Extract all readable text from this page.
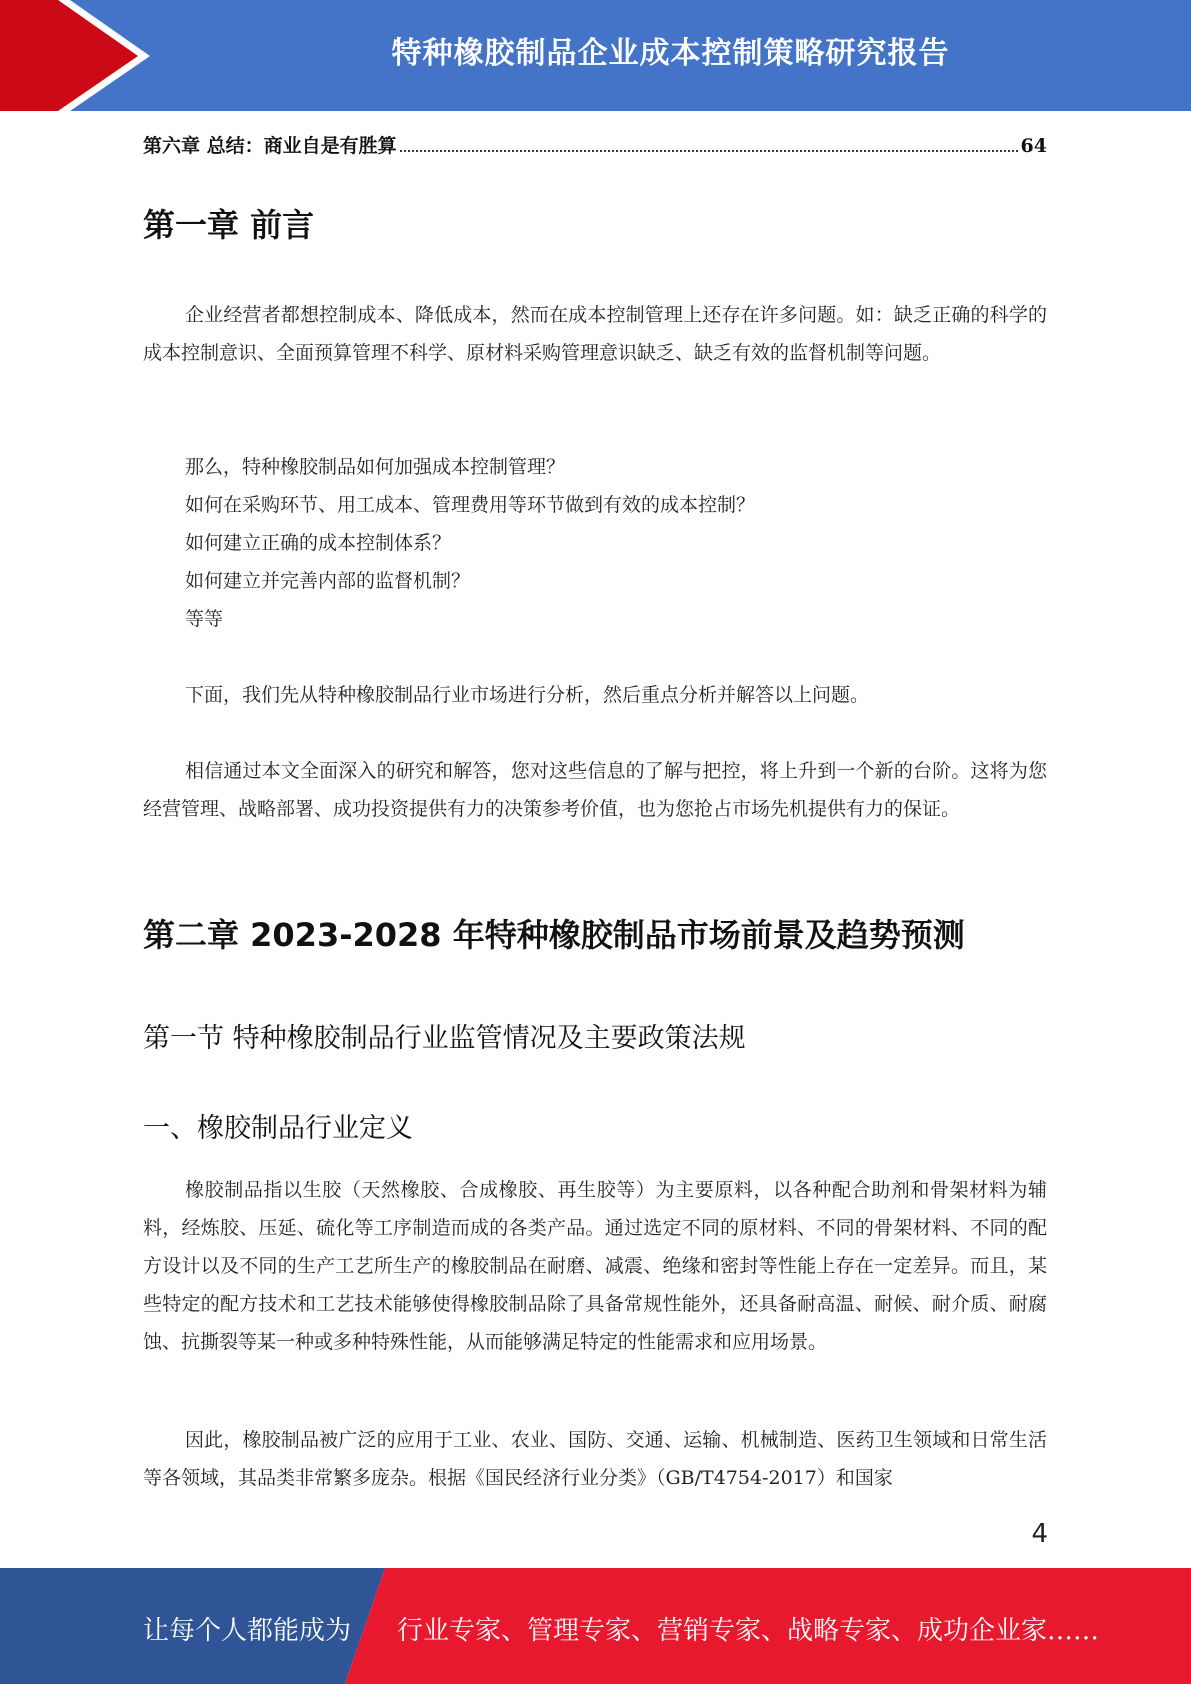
特种橡胶制品企业成本控制策略研究报告
第六章 总结：商业自是有胜算	64
第一章 前言

企业经营者都想控制成本、降低成本，然而在成本控制管理上还存在许多问题。如：缺乏正确的科学的成本控制意识、全面预算管理不科学、原材料采购管理意识缺乏、缺乏有效的监督机制等问题。

那么，特种橡胶制品如何加强成本控制管理？
如何在采购环节、用工成本、管理费用等环节做到有效的成本控制？
如何建立正确的成本控制体系？
如何建立并完善内部的监督机制？
等等

下面，我们先从特种橡胶制品行业市场进行分析，然后重点分析并解答以上问题。

相信通过本文全面深入的研究和解答，您对这些信息的了解与把控，将上升到一个新的台阶。这将为您经营管理、战略部署、成功投资提供有力的决策参考价值，也为您抢占市场先机提供有力的保证。

第二章 2023-2028 年特种橡胶制品市场前景及趋势预测
第一节 特种橡胶制品行业监管情况及主要政策法规
一、橡胶制品行业定义

橡胶制品指以生胶（天然橡胶、合成橡胶、再生胶等）为主要原料，以各种配合助剂和骨架材料为辅料，经炼胶、压延、硫化等工序制造而成的各类产品。通过选定不同的原材料、不同的骨架材料、不同的配方设计以及不同的生产工艺所生产的橡胶制品在耐磨、减震、绝缘和密封等性能上存在一定差异。而且，某些特定的配方技术和工艺技术能够使得橡胶制品除了具备常规性能外，还具备耐高温、耐候、耐介质、耐腐蚀、抗撕裂等某一种或多种特殊性能，从而能够满足特定的性能需求和应用场景。

因此，橡胶制品被广泛的应用于工业、农业、国防、交通、运输、机械制造、医药卫生领域和日常生活等各领域，其品类非常繁多庞杂。根据《国民经济行业分类》（GB/T4754-2017）和国家

4
让每个人都能成为 行业专家、管理专家、营销专家、战略专家、成功企业家……
